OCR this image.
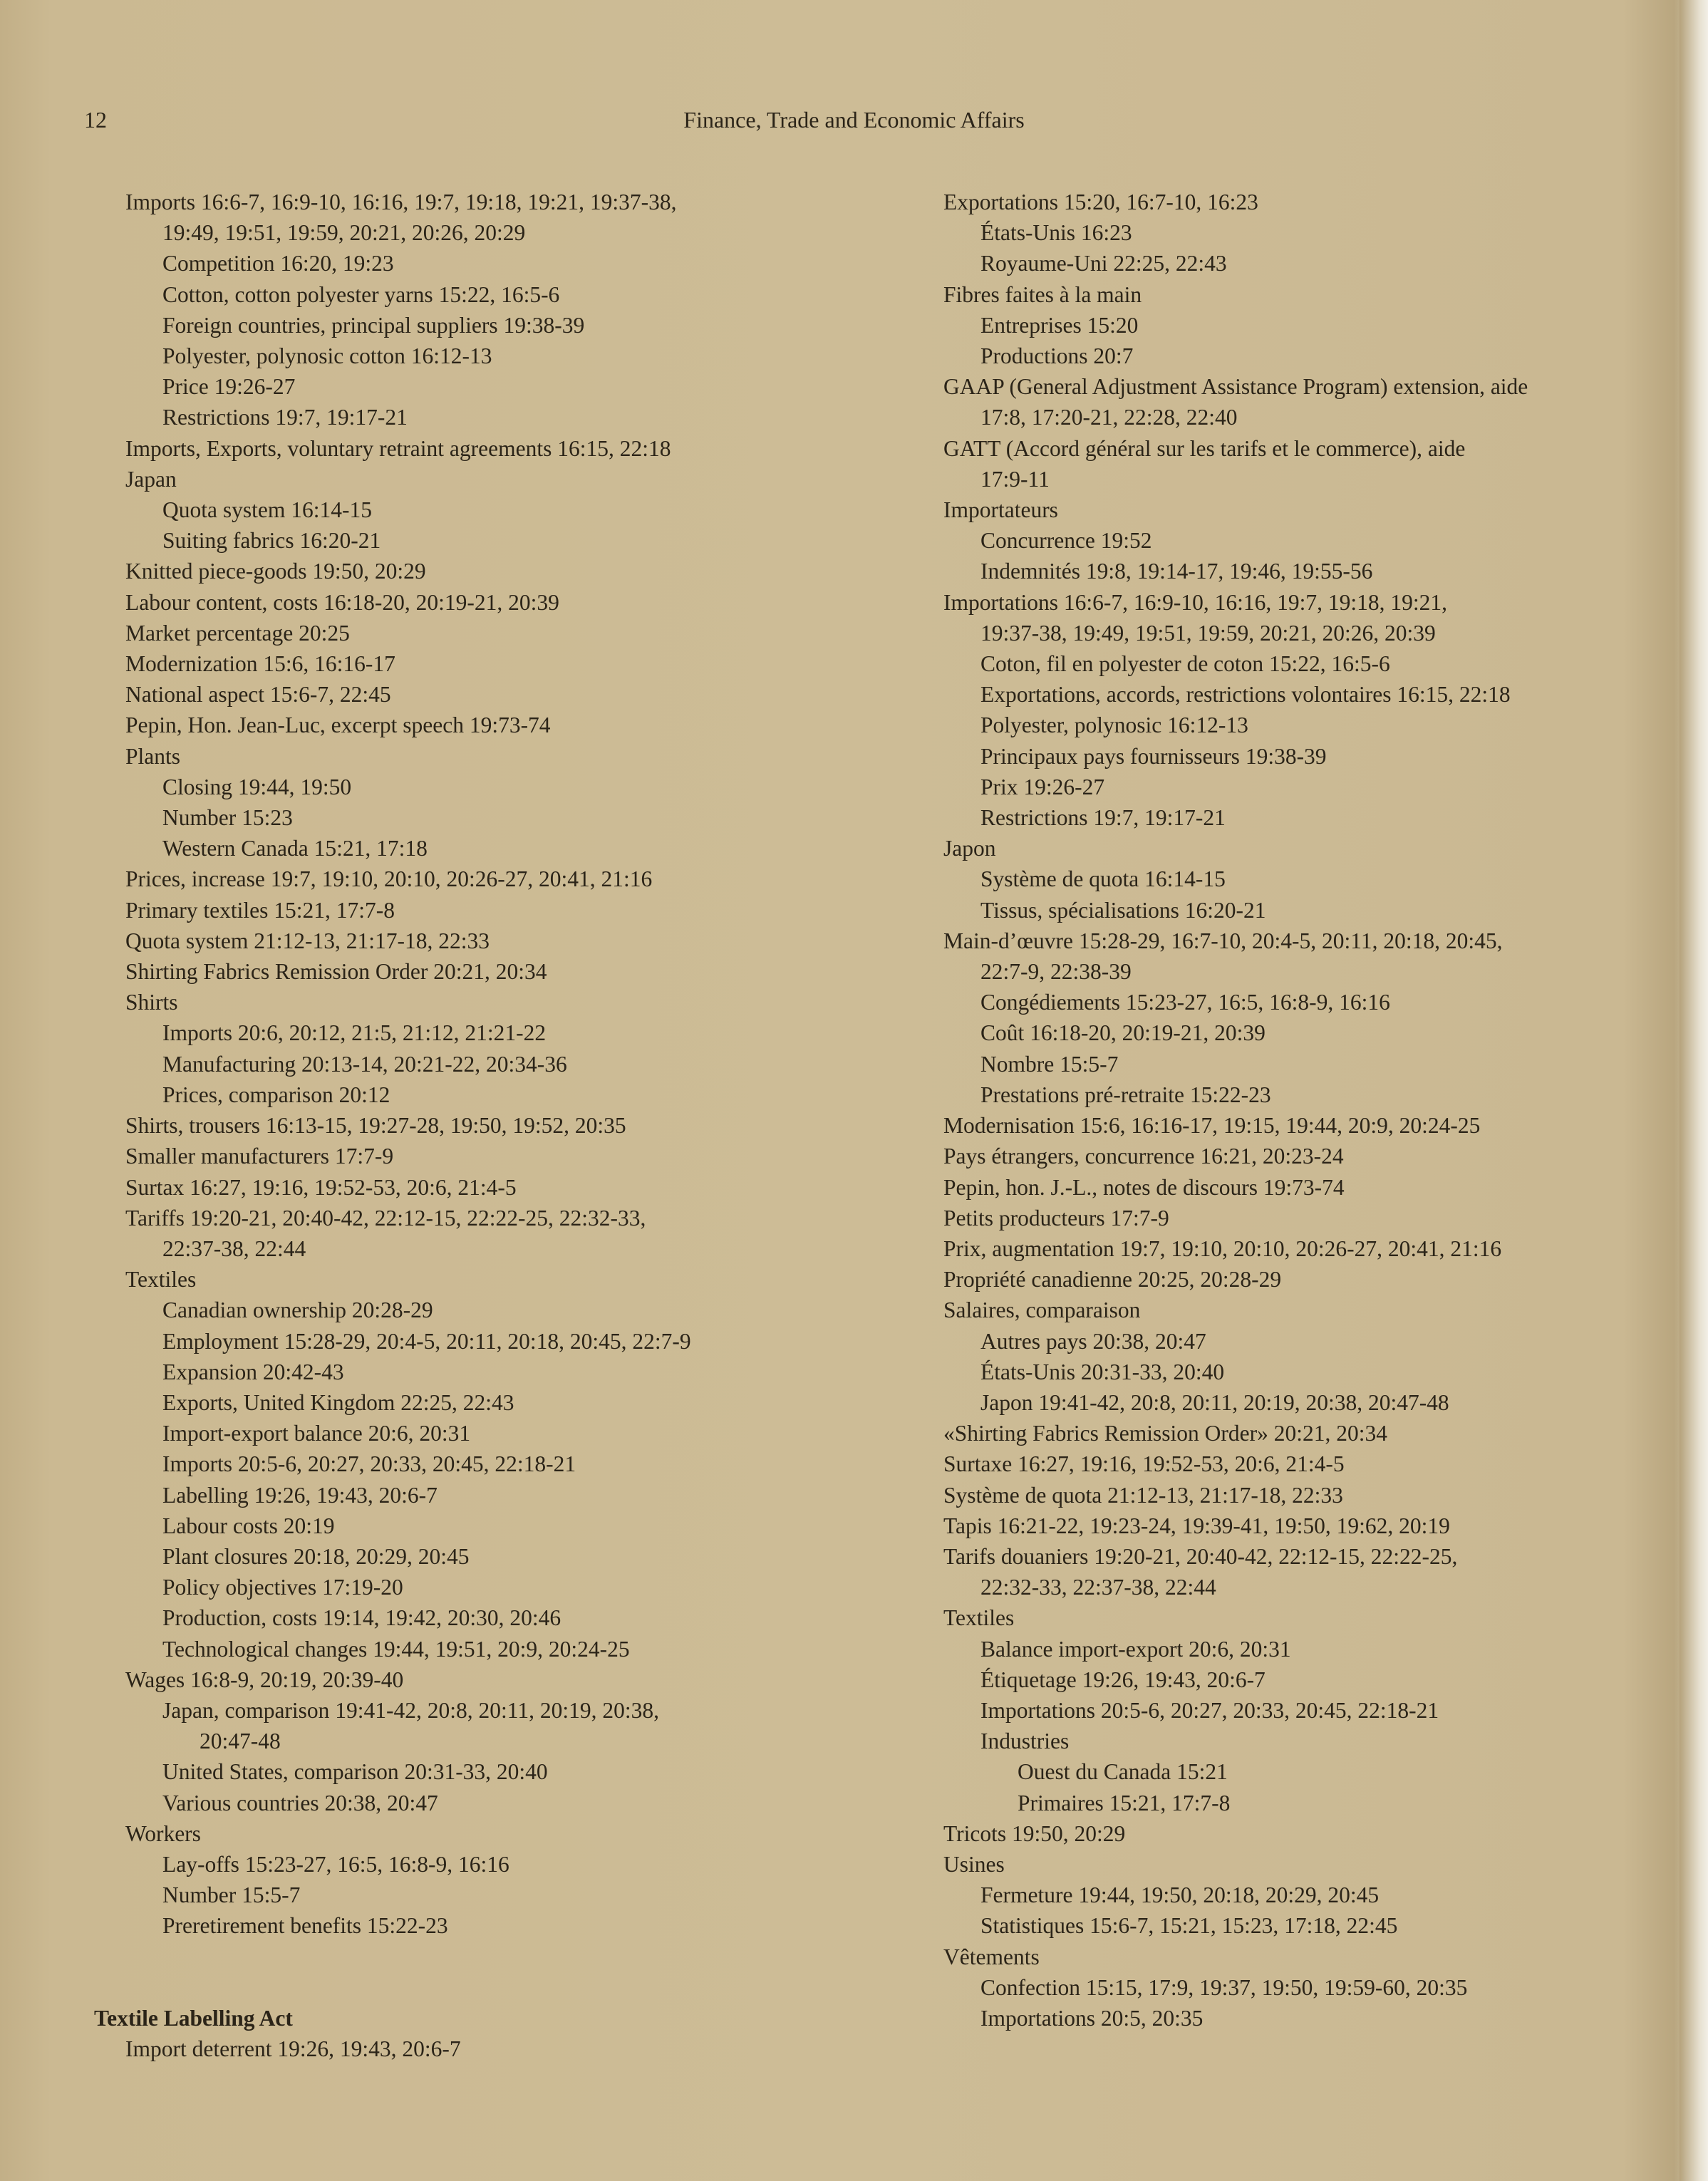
12	Finance, Trade and Economic Affairs
Imports 16:6-7, 16:9-10, 16:16, 19:7, 19:18, 19:21, 19:37-38,
19:49, 19:51, 19:59, 20:21, 20:26, 20:29
Competition 16:20, 19:23
Cotton, cotton polyester yarns 15:22, 16:5-6
Foreign countries, principal suppliers 19:38-39
Polyester, polynosic cotton 16:12-13
Price 19:26-27
Restrictions 19:7, 19:17-21
Imports, Exports, voluntary retraint agreements 16:15, 22:18
Japan
Quota system 16:14-15
Suiting fabrics 16:20-21
Knitted piece-goods 19:50, 20:29
Labour content, costs 16:18-20, 20:19-21, 20:39
Market percentage 20:25
Modernization 15:6, 16:16-17
National aspect 15:6-7, 22:45
Pepin, Hon. Jean-Luc, excerpt speech 19:73-74
Plants
Closing 19:44, 19:50
Number 15:23
Western Canada 15:21, 17:18
Prices, increase 19:7, 19:10, 20:10, 20:26-27, 20:41, 21:16
Primary textiles 15:21, 17:7-8
Quota system 21:12-13, 21:17-18, 22:33
Shirting Fabrics Remission Order 20:21, 20:34
Shirts
Imports 20:6, 20:12, 21:5, 21:12, 21:21-22
Manufacturing 20:13-14, 20:21-22, 20:34-36
Prices, comparison 20:12
Shirts, trousers 16:13-15, 19:27-28, 19:50, 19:52, 20:35
Smaller manufacturers 17:7-9
Surtax 16:27, 19:16, 19:52-53, 20:6, 21:4-5
Tariffs 19:20-21, 20:40-42, 22:12-15, 22:22-25, 22:32-33,
22:37-38, 22:44
Textiles
Canadian ownership 20:28-29
Employment 15:28-29, 20:4-5, 20:11, 20:18, 20:45, 22:7-9
Expansion 20:42-43
Exports, United Kingdom 22:25, 22:43
Import-export balance 20:6, 20:31
Imports 20:5-6, 20:27, 20:33, 20:45, 22:18-21
Labelling 19:26, 19:43, 20:6-7
Labour costs 20:19
Plant closures 20:18, 20:29, 20:45
Policy objectives 17:19-20
Production, costs 19:14, 19:42, 20:30, 20:46
Technological changes 19:44, 19:51, 20:9, 20:24-25
Wages 16:8-9, 20:19, 20:39-40
Japan, comparison 19:41-42, 20:8, 20:11, 20:19, 20:38,
20:47-48
United States, comparison 20:31-33, 20:40
Various countries 20:38, 20:47
Workers
Lay-offs 15:23-27, 16:5, 16:8-9, 16:16
Number 15:5-7
Preretirement benefits 15:22-23
Textile Labelling Act
Import deterrent 19:26, 19:43, 20:6-7
Exportations 15:20, 16:7-10, 16:23
États-Unis 16:23
Royaume-Uni 22:25, 22:43
Fibres faites à la main
Entreprises 15:20
Productions 20:7
GAAP (General Adjustment Assistance Program) extension, aide
17:8, 17:20-21, 22:28, 22:40
GATT (Accord général sur les tarifs et le commerce), aide
17:9-11
Importateurs
Concurrence 19:52
Indemnités 19:8, 19:14-17, 19:46, 19:55-56
Importations 16:6-7, 16:9-10, 16:16, 19:7, 19:18, 19:21,
19:37-38, 19:49, 19:51, 19:59, 20:21, 20:26, 20:39
Coton, fil en polyester de coton 15:22, 16:5-6
Exportations, accords, restrictions volontaires 16:15, 22:18
Polyester, polynosic 16:12-13
Principaux pays fournisseurs 19:38-39
Prix 19:26-27
Restrictions 19:7, 19:17-21
Japon
Système de quota 16:14-15
Tissus, spécialisations 16:20-21
Main-d’œuvre 15:28-29, 16:7-10, 20:4-5, 20:11, 20:18, 20:45,
22:7-9, 22:38-39
Congédiements 15:23-27, 16:5, 16:8-9, 16:16
Coût 16:18-20, 20:19-21, 20:39
Nombre 15:5-7
Prestations pré-retraite 15:22-23
Modernisation 15:6, 16:16-17, 19:15, 19:44, 20:9, 20:24-25
Pays étrangers, concurrence 16:21, 20:23-24
Pepin, hon. J.-L., notes de discours 19:73-74
Petits producteurs 17:7-9
Prix, augmentation 19:7, 19:10, 20:10, 20:26-27, 20:41, 21:16
Propriété canadienne 20:25, 20:28-29
Salaires, comparaison
Autres pays 20:38, 20:47
États-Unis 20:31-33, 20:40
Japon 19:41-42, 20:8, 20:11, 20:19, 20:38, 20:47-48
«Shirting Fabrics Remission Order» 20:21, 20:34
Surtaxe 16:27, 19:16, 19:52-53, 20:6, 21:4-5
Système de quota 21:12-13, 21:17-18, 22:33
Tapis 16:21-22, 19:23-24, 19:39-41, 19:50, 19:62, 20:19
Tarifs douaniers 19:20-21, 20:40-42, 22:12-15, 22:22-25,
22:32-33, 22:37-38, 22:44
Textiles
Balance import-export 20:6, 20:31
Étiquetage 19:26, 19:43, 20:6-7
Importations 20:5-6, 20:27, 20:33, 20:45, 22:18-21
Industries
Ouest du Canada 15:21
Primaires 15:21, 17:7-8
Tricots 19:50, 20:29
Usines
Fermeture 19:44, 19:50, 20:18, 20:29, 20:45
Statistiques 15:6-7, 15:21, 15:23, 17:18, 22:45
Vêtements
Confection 15:15, 17:9, 19:37, 19:50, 19:59-60, 20:35
Importations 20:5, 20:35
